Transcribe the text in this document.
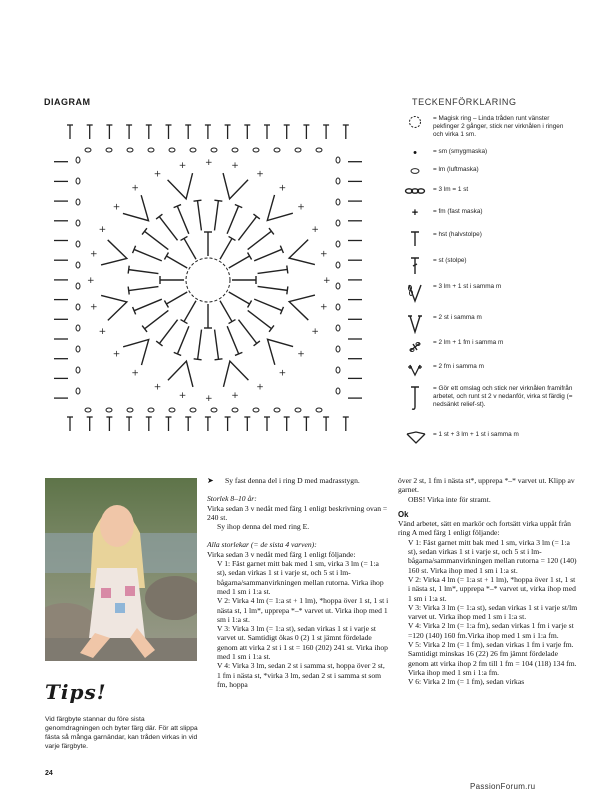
DIAGRAM	TECKENFÖRKLARING
= Magisk ring – Linda tråden runt vänster pekfinger 2 gånger, stick ner virknålen i ringen och virka 1 sm.
•	= sm (smygmaska)
= lm (luftmaska)
= 3 lm = 1 st
+	= fm (fast maska)
= hst (halvstolpe)
= st (stolpe)
= 3 lm + 1 st i samma m
= 2 st i samma m
= 2 lm + 1 fm i samma m
= 2 fm i samma m
= Gör ett omslag och stick ner virknålen framifrån arbetet, och runt st 2 v nedanför, virka st färdig (= nedsänkt relief-st).
= 1 st + 3 lm + 1 st i samma m
+
+
+
+
+
+
+
+
+
+
+
+
+
+
+
+
+
+
+
+
+ + +
+
+
+
+
+
Tips!
Vid färgbyte stannar du före sista genomdragningen och byter färg där. För att slippa fästa så många garnändar, kan tråden virkas in vid varje färgbyte.

➤ Sy fast denna del i ring D med madrasstygn.

Storlek 8–10 år:

Virka sedan 3 v nedåt med färg 1 enligt beskrivning ovan = 240 st.

Sy ihop denna del med ring E.

Alla storlekar (= de sista 4 varven):

Virka sedan 3 v nedåt med färg 1 enligt följande:

V 1: Fäst garnet mitt bak med 1 sm, virka 3 lm (= 1:a st), sedan virkas 1 st i varje st, och 5 st i lm-bågarna/sammanvirkningen mellan rutorna. Virka ihop med 1 sm i 1:a st.

V 2: Virka 4 lm (= 1:a st + 1 lm), *hoppa över 1 st, 1 st i nästa st, 1 lm*, upprepa *–* varvet ut. Virka ihop med 1 sm i 1:a st.

V 3: Virka 3 lm (= 1:a st), sedan virkas 1 st i varje st varvet ut. Samtidigt ökas 0 (2) 1 st jämnt fördelade genom att virka 2 st i 1 st = 160 (202) 241 st. Virka ihop med 1 sm i 1:a st.

V 4: Virka 3 lm, sedan 2 st i samma st, hoppa över 2 st, 1 fm i nästa st, *virka 3 lm, sedan 2 st i samma st som fm, hoppa

över 2 st, 1 fm i nästa st*, upprepa *–* varvet ut. Klipp av garnet.

OBS! Virka inte för stramt.

Ok

Vänd arbetet, sätt en markör och fortsätt virka uppåt från ring A med färg 1 enligt följande:

V 1: Fäst garnet mitt bak med 1 sm, virka 3 lm (= 1:a st), sedan virkas 1 st i varje st, och 5 st i lm-bågarna/sammanvirkningen mellan rutorna = 120 (140) 160 st. Virka ihop med 1 sm i 1:a st.

V 2: Virka 4 lm (= 1:a st + 1 lm), *hoppa över 1 st, 1 st i nästa st, 1 lm*, upprepa *–* varvet ut, virka ihop med 1 sm i 1:a st.

V 3: Virka 3 lm (= 1:a st), sedan virkas 1 st i varje st/lm varvet ut. Virka ihop med 1 sm i 1:a st.

V 4: Virka 2 lm (= 1:a fm), sedan virkas 1 fm i varje st =120 (140) 160 fm.Virka ihop med 1 sm i 1:a fm.

V 5: Virka 2 lm (= 1 fm), sedan virkas 1 fm i varje fm. Samtidigt minskas 16 (22) 26 fm jämnt fördelade genom att virka ihop 2 fm till 1 fm = 104 (118) 134 fm. Virka ihop med 1 sm i 1:a fm.

V 6: Virka 2 lm (= 1 fm), sedan virkas

24
PassionForum.ru
